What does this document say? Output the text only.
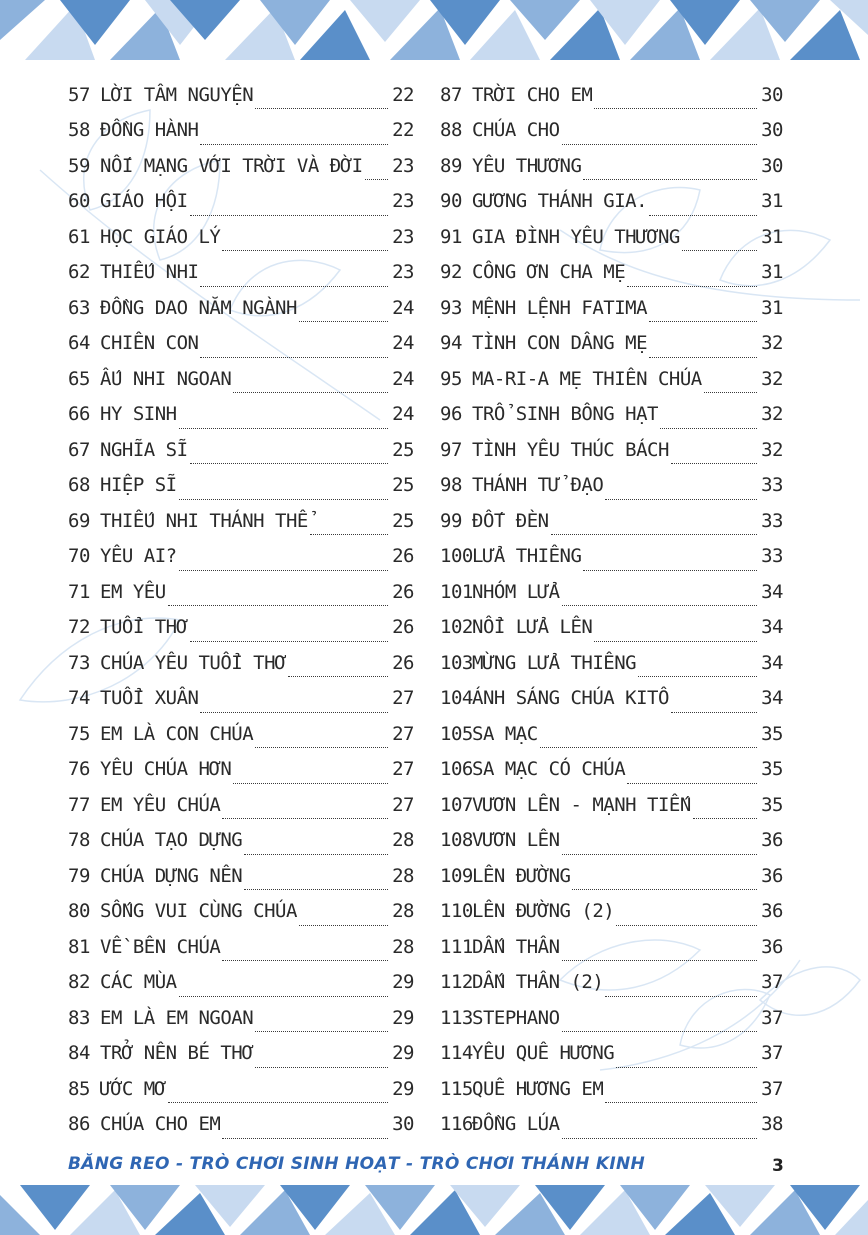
57 LỜI TÂM NGUYỆN	22
58 ĐỒNG HÀNH	22
59 NỐI MẠNG VỚI TRỜI VÀ ĐỜI 23
60 GIÁO HỘI	23
61 HỌC GIÁO LÝ	23
62 THIẾU NHI	23
63 ĐỒNG DAO NĂM NGÀNH	24
64 CHIÊN CON	24
65 ẤU NHI NGOAN	24
66 HY SINH	24
67 NGHĨA SĨ	25
68 HIỆP SĨ	25
69 THIẾU NHI THÁNH THỂ	25
70 YÊU AI?	26
71 EM YÊU	26
72 TUỔI THƠ	26
73 CHÚA YÊU TUỔI THƠ	26
74 TUỔI XUÂN	27
75 EM LÀ CON CHÚA	27
76 YÊU CHÚA HƠN	27
77 EM YÊU CHÚA	27
78 CHÚA TẠO DỰNG	28
79 CHÚA DỰNG NÊN	28
80 SỐNG VUI CÙNG CHÚA	28
81 VỀ BÊN CHÚA	28
82 CÁC MÙA	29
83 EM LÀ EM NGOAN	29
84 TRỞ NÊN BÉ THƠ	29
85 ƯỚC MƠ	29
86 CHÚA CHO EM	30
87 TRỜI CHO EM	30
88 CHÚA CHO	30
89 YÊU THƯƠNG	30
90 GƯƠNG THÁNH GIA.	31
91 GIA ĐÌNH YÊU THƯƠNG	31
92 CÔNG ƠN CHA MẸ	31
93 MỆNH LỆNH FATIMA	31
94 TÌNH CON DÂNG MẸ	32
95 MA-RI-A MẸ THIÊN CHÚA	32
96 TRỔ SINH BÔNG HẠT	32
97 TÌNH YÊU THÚC BÁCH	32
98 THÁNH TỬ ĐẠO	33
99 ĐỐT ĐÈN	33
100 LỬA THIÊNG	33
101 NHÓM LỬA	34
102 NỔI LỬA LÊN	34
103 MỪNG LỬA THIÊNG	34
104 ÁNH SÁNG CHÚA KITÔ	34
105 SA MẠC	35
106 SA MẠC CÓ CHÚA	35
107 VƯƠN LÊN - MẠNH TIẾN	35
108 VƯƠN LÊN	36
109 LÊN ĐƯỜNG	36
110 LÊN ĐƯỜNG (2)	36
111 DẤN THÂN	36
112 DẤN THÂN (2)	37
113 STEPHANO	37
114 YÊU QUÊ HƯƠNG	37
115 QUÊ HƯƠNG EM	37
116 ĐỒNG LÚA	38
BĂNG REO - TRÒ CHƠI SINH HOẠT - TRÒ CHƠI THÁNH KINH	3
